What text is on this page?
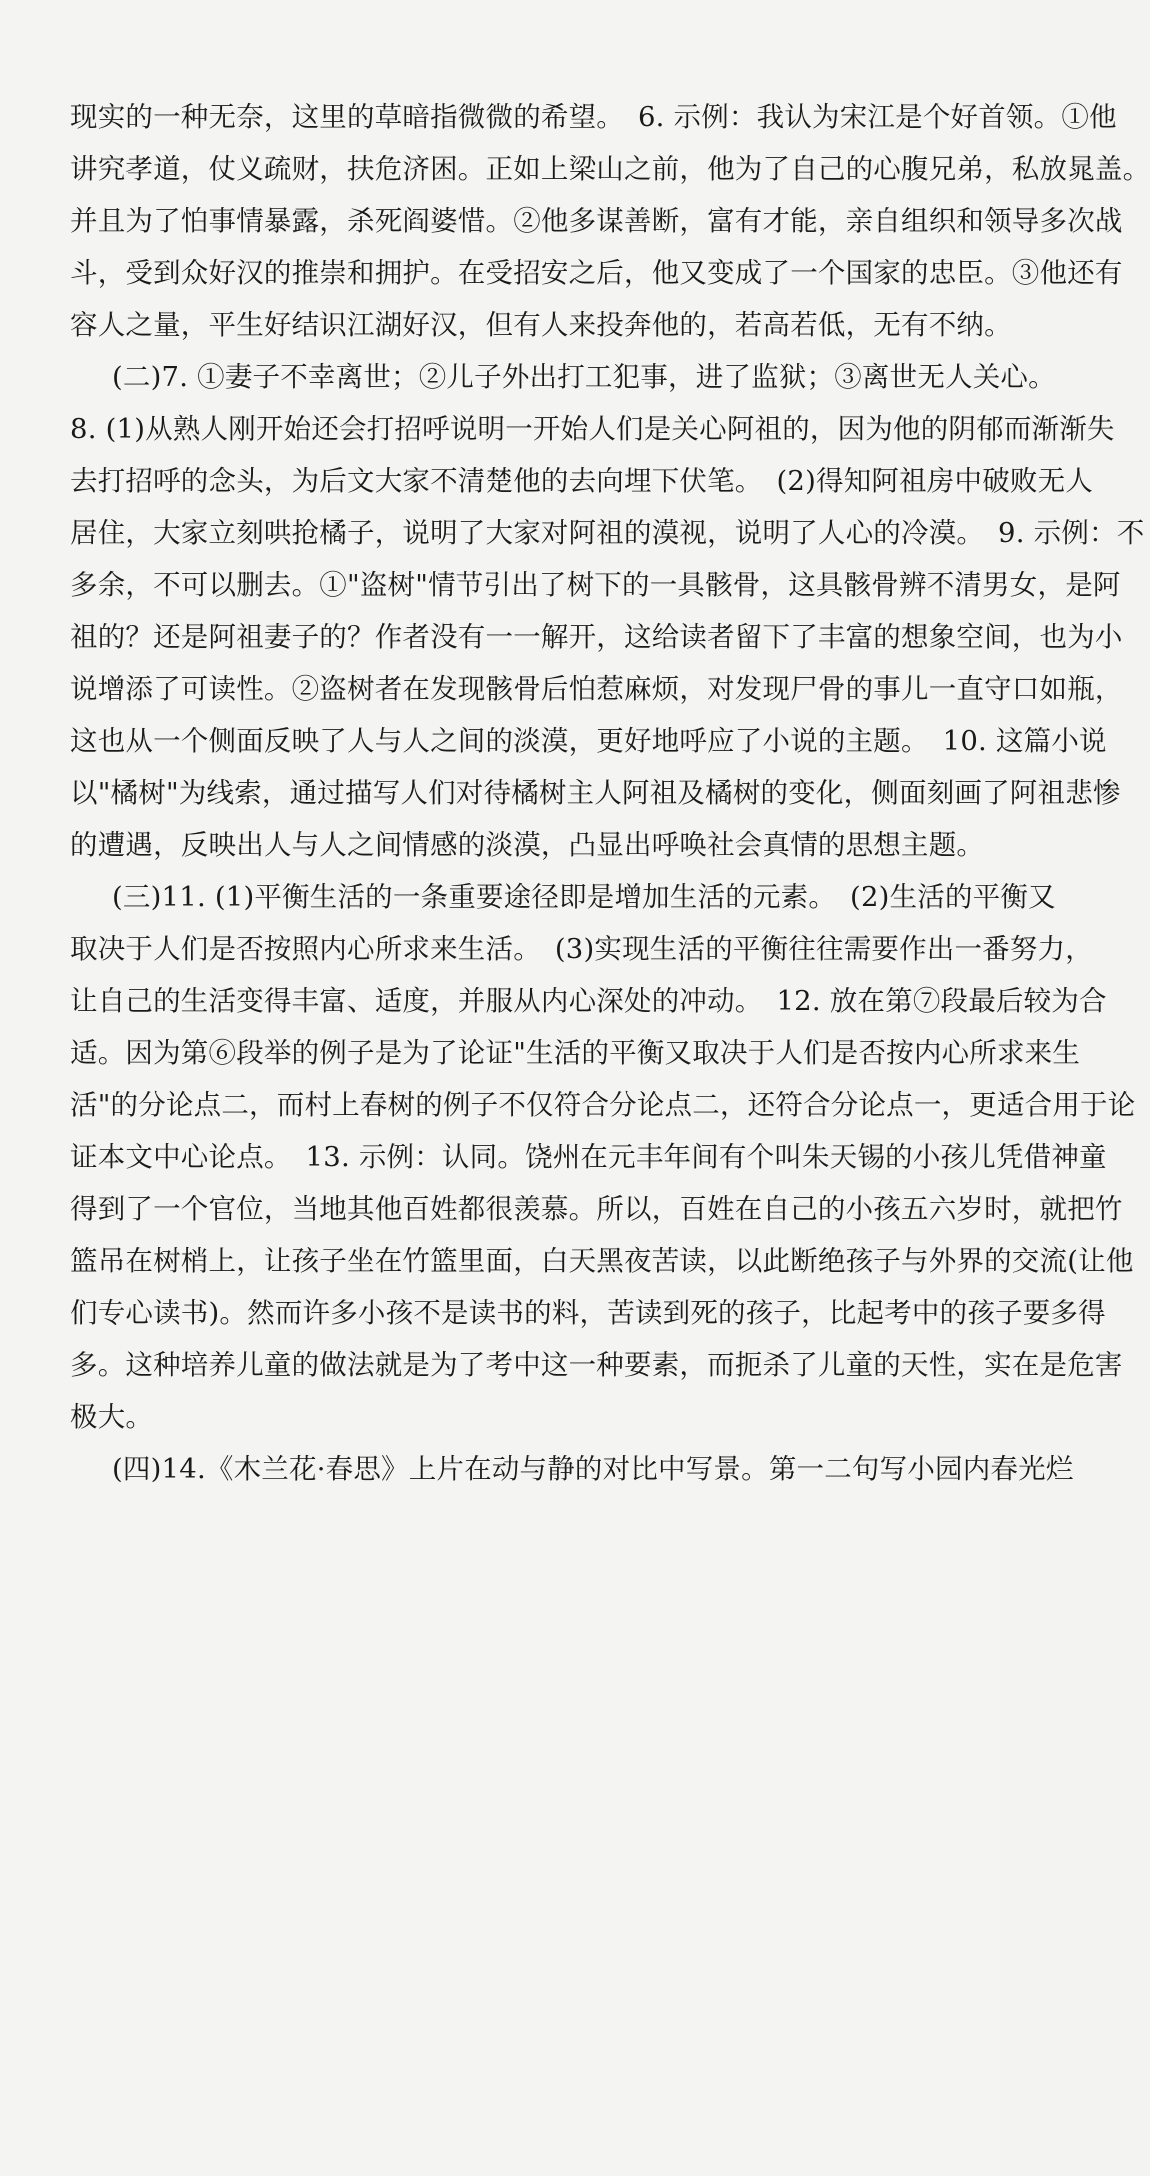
现实的一种无奈，这里的草暗指微微的希望。　6. 示例：我认为宋江是个好首领。①他
讲究孝道，仗义疏财，扶危济困。正如上梁山之前，他为了自己的心腹兄弟，私放晁盖。
并且为了怕事情暴露，杀死阎婆惜。②他多谋善断，富有才能，亲自组织和领导多次战
斗，受到众好汉的推崇和拥护。在受招安之后，他又变成了一个国家的忠臣。③他还有
容人之量，平生好结识江湖好汉，但有人来投奔他的，若高若低，无有不纳。
(二)7. ①妻子不幸离世；②儿子外出打工犯事，进了监狱；③离世无人关心。
8. (1)从熟人刚开始还会打招呼说明一开始人们是关心阿祖的，因为他的阴郁而渐渐失
去打招呼的念头，为后文大家不清楚他的去向埋下伏笔。　(2)得知阿祖房中破败无人
居住，大家立刻哄抢橘子，说明了大家对阿祖的漠视，说明了人心的冷漠。　9. 示例：不
多余，不可以删去。①"盗树"情节引出了树下的一具骸骨，这具骸骨辨不清男女，是阿
祖的？还是阿祖妻子的？作者没有一一解开，这给读者留下了丰富的想象空间，也为小
说增添了可读性。②盗树者在发现骸骨后怕惹麻烦，对发现尸骨的事儿一直守口如瓶，
这也从一个侧面反映了人与人之间的淡漠，更好地呼应了小说的主题。　10. 这篇小说
以"橘树"为线索，通过描写人们对待橘树主人阿祖及橘树的变化，侧面刻画了阿祖悲惨
的遭遇，反映出人与人之间情感的淡漠，凸显出呼唤社会真情的思想主题。
(三)11. (1)平衡生活的一条重要途径即是增加生活的元素。　(2)生活的平衡又
取决于人们是否按照内心所求来生活。　(3)实现生活的平衡往往需要作出一番努力，
让自己的生活变得丰富、适度，并服从内心深处的冲动。　12. 放在第⑦段最后较为合
适。因为第⑥段举的例子是为了论证"生活的平衡又取决于人们是否按内心所求来生
活"的分论点二，而村上春树的例子不仅符合分论点二，还符合分论点一，更适合用于论
证本文中心论点。　13. 示例：认同。饶州在元丰年间有个叫朱天锡的小孩儿凭借神童
得到了一个官位，当地其他百姓都很羡慕。所以，百姓在自己的小孩五六岁时，就把竹
篮吊在树梢上，让孩子坐在竹篮里面，白天黑夜苦读，以此断绝孩子与外界的交流(让他
们专心读书)。然而许多小孩不是读书的料，苦读到死的孩子，比起考中的孩子要多得
多。这种培养儿童的做法就是为了考中这一种要素，而扼杀了儿童的天性，实在是危害
极大。
(四)14.《木兰花·春思》上片在动与静的对比中写景。第一二句写小园内春光烂
